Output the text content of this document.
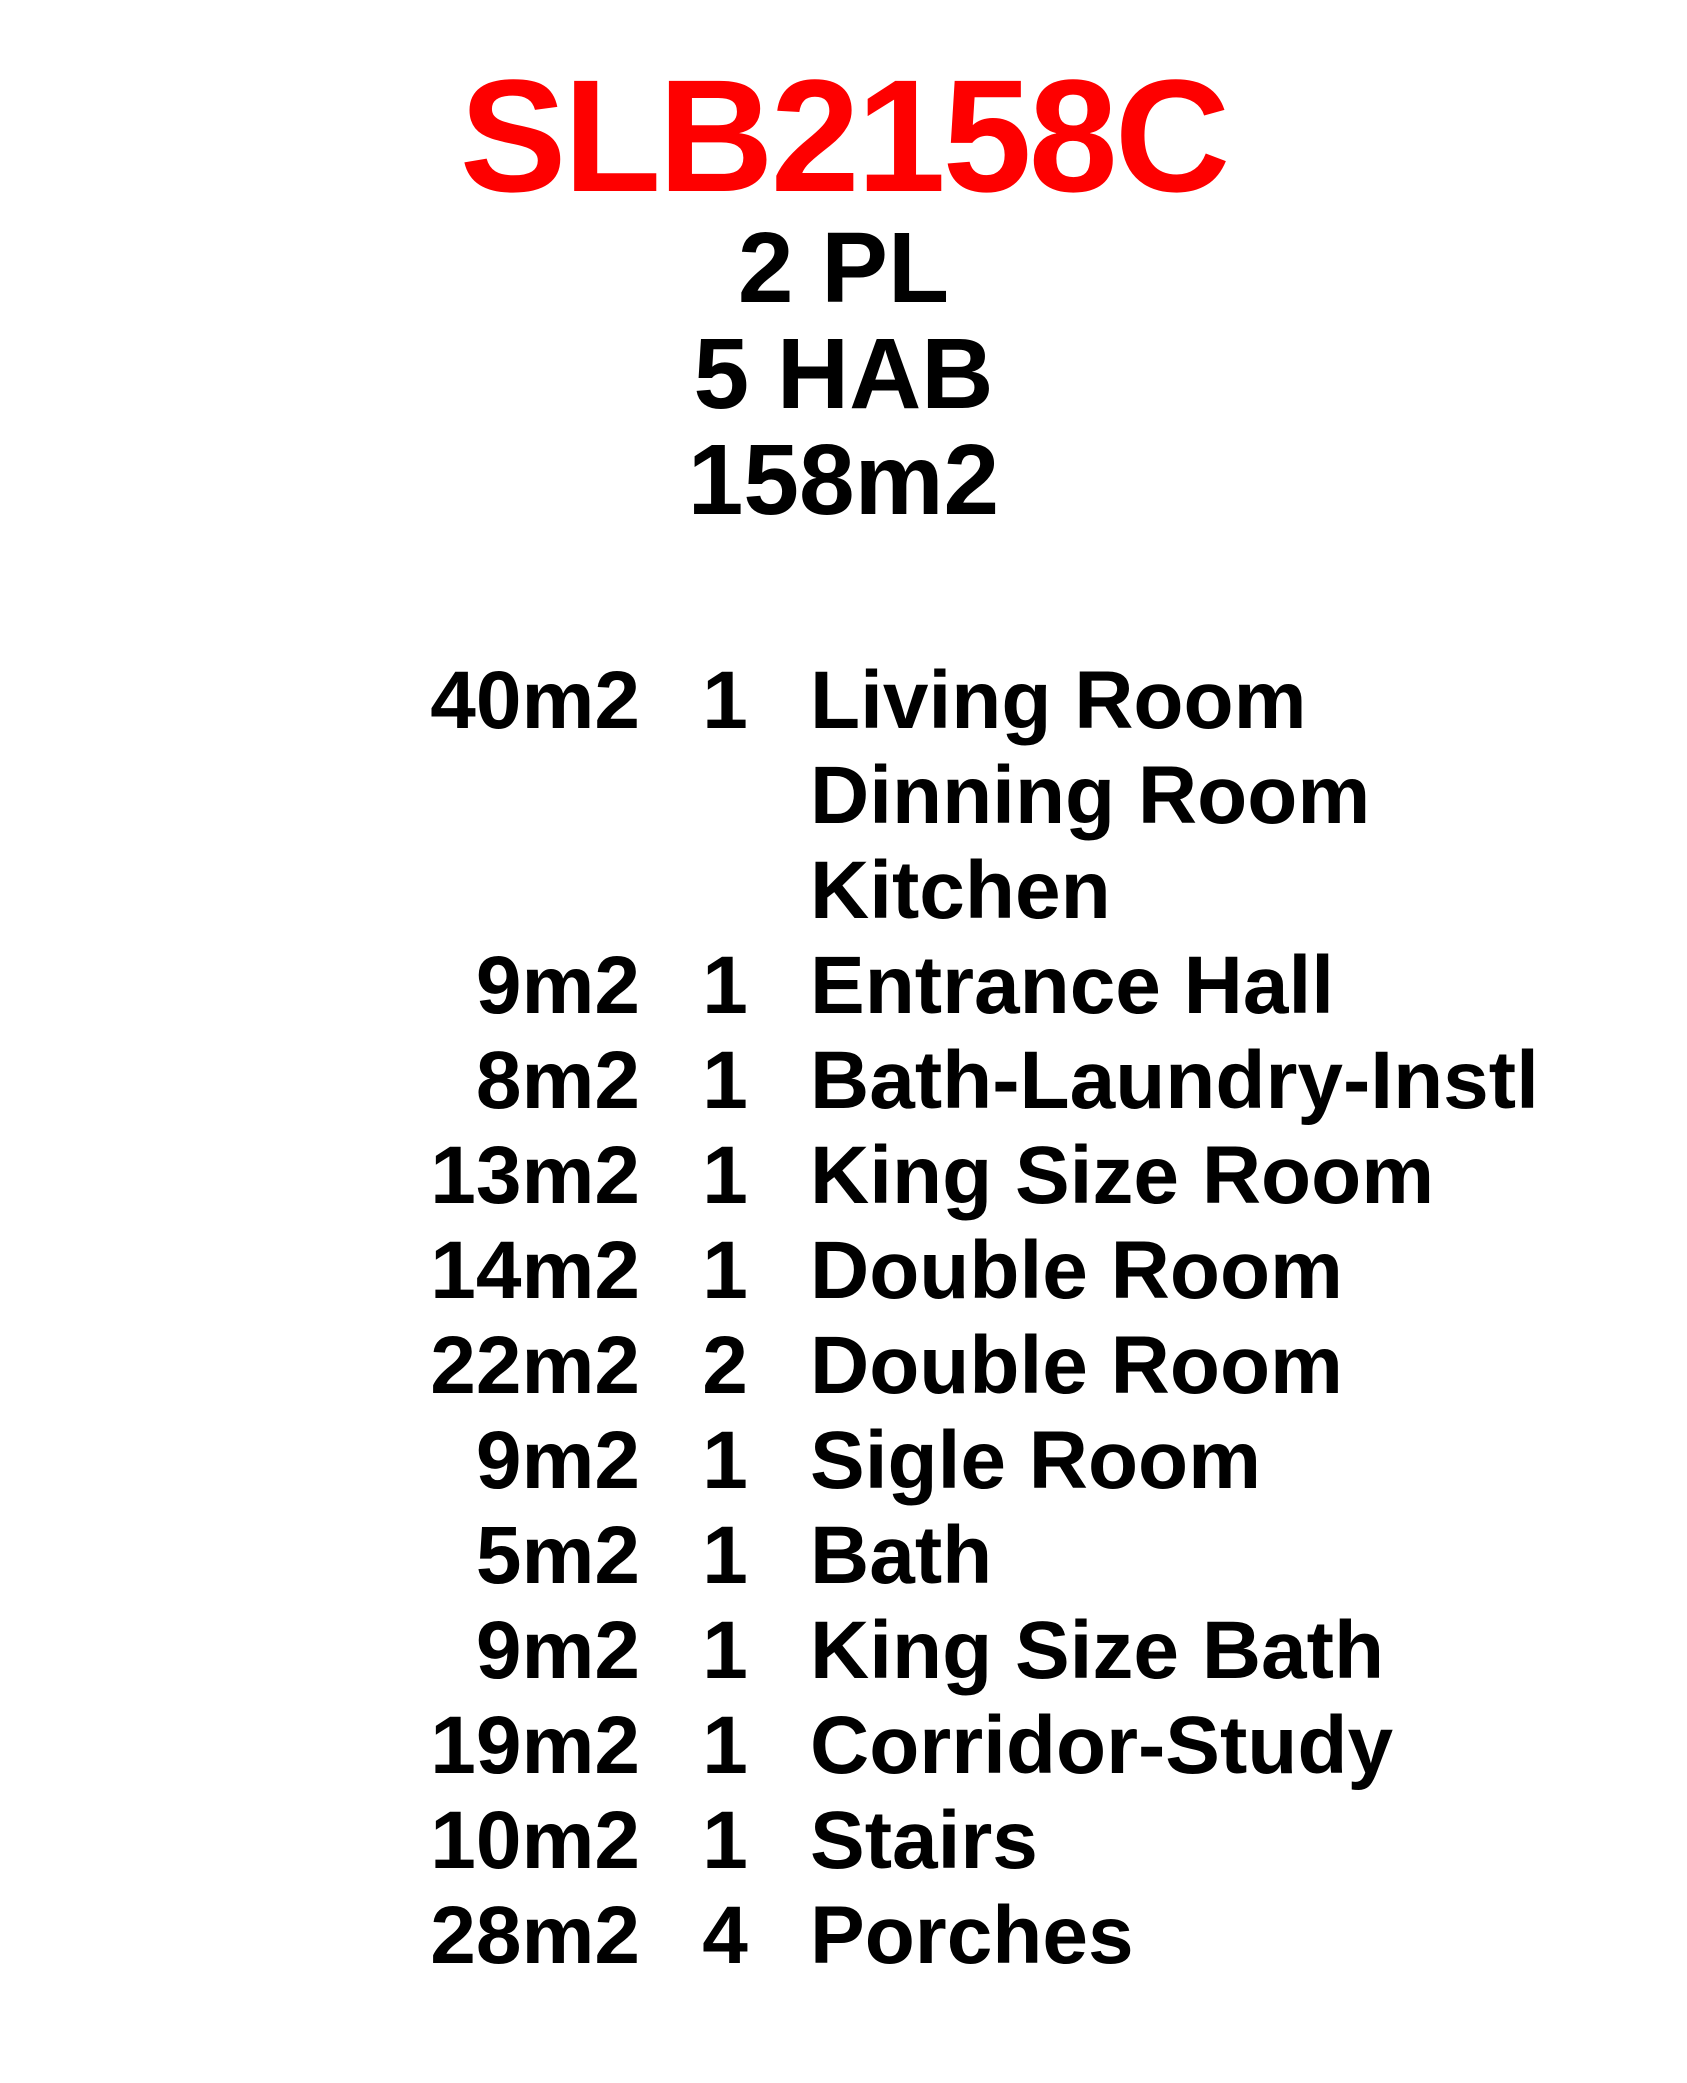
SLB2158C
2 PL
5 HAB
158m2
40m2 1 Living Room
Dinning Room
Kitchen
9m2 1 Entrance Hall
8m2 1 Bath-Laundry-Instl
13m2 1 King Size Room
14m2 1 Double Room
22m2 2 Double Room
9m2 1 Sigle Room
5m2 1 Bath
9m2 1 King Size Bath
19m2 1 Corridor-Study
10m2 1 Stairs
28m2 4 Porches
